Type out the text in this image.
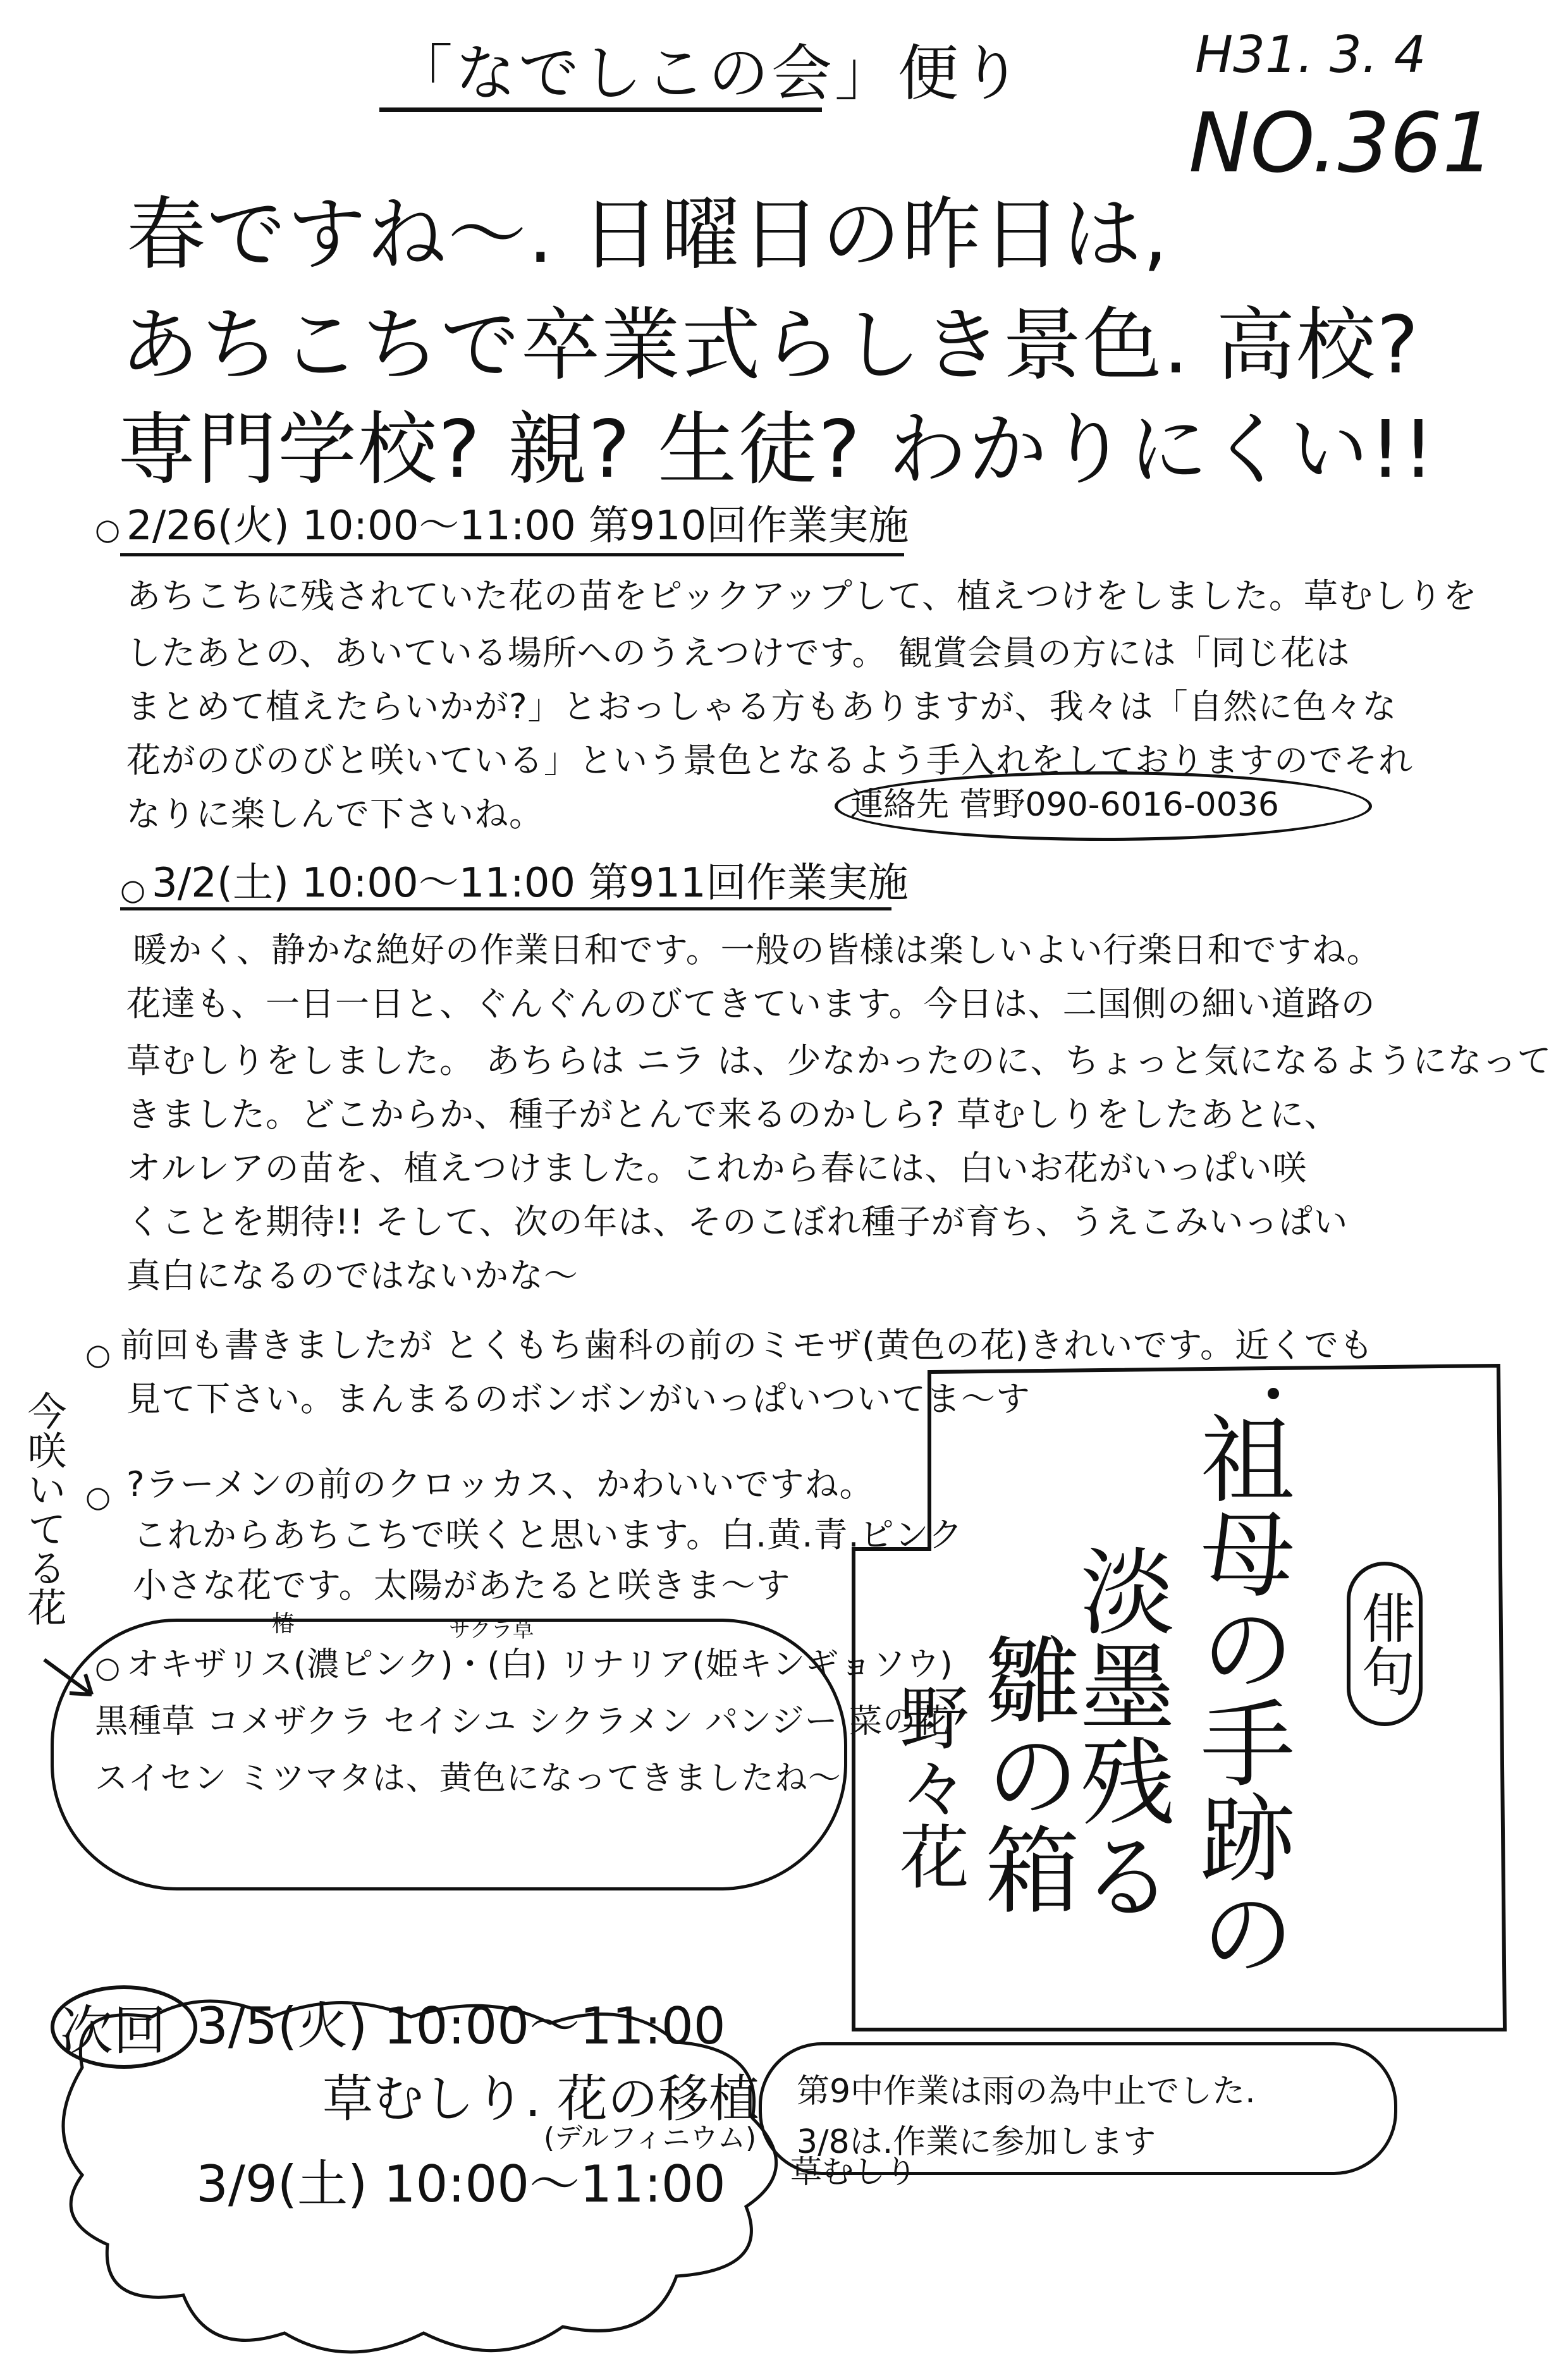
「なでしこの会」便り	H31. 3. 4
NO.361
春ですね〜. 日曜日の昨日は,
あちこちで卒業式らしき景色. 高校?
専門学校? 親? 生徒? わかりにくい!!
○ 2/26(火) 10:00〜11:00 第910回作業実施
あちこちに残されていた花の苗をピックアップして、植えつけをしました。草むしりを
したあとの、あいている場所へのうえつけです。 観賞会員の方には「同じ花は
まとめて植えたらいかが?」とおっしゃる方もありますが、我々は「自然に色々な
花がのびのびと咲いている」という景色となるよう手入れをしておりますのでそれ
なりに楽しんで下さいね。	連絡先 菅野090-6016-0036
○ 3/2(土) 10:00〜11:00 第911回作業実施
暖かく、静かな絶好の作業日和です。一般の皆様は楽しいよい行楽日和ですね。
花達も、一日一日と、ぐんぐんのびてきています。今日は、二国側の細い道路の
草むしりをしました。 あちらは ニラ は、少なかったのに、ちょっと気になるようになって
きました。どこからか、種子がとんで来るのかしら? 草むしりをしたあとに、
オルレアの苗を、植えつけました。これから春には、白いお花がいっぱい咲
くことを期待!! そして、次の年は、そのこぼれ種子が育ち、うえこみいっぱい
真白になるのではないかな〜
○ 前回も書きましたが とくもち歯科の前のミモザ(黄色の花)きれいです。近くでも
見て下さい。まんまるのボンボンがいっぱいついてま〜す
今咲いてる花 ○ ?ラーメンの前のクロッカス、かわいいですね。
これからあちこちで咲くと思います。白.黄.青.ピンク
小さな花です。太陽があたると咲きま〜す
椿	サクラ草
○ オキザリス(濃ピンク)・(白) リナリア(姫キンギョソウ)
黒種草 コメザクラ セイシユ シクラメン パンジー 菜の花
スイセン ミツマタは、黄色になってきましたね〜
次回 3/5(火) 10:00〜11:00
草むしり. 花の移植
(デルフィニウム)
3/9(土) 10:00〜11:00 草むしり
第9中作業は雨の為中止でした.
3/8は.作業に参加します
俳句
祖母の手跡の
淡墨残る
雛の箱
野々花
